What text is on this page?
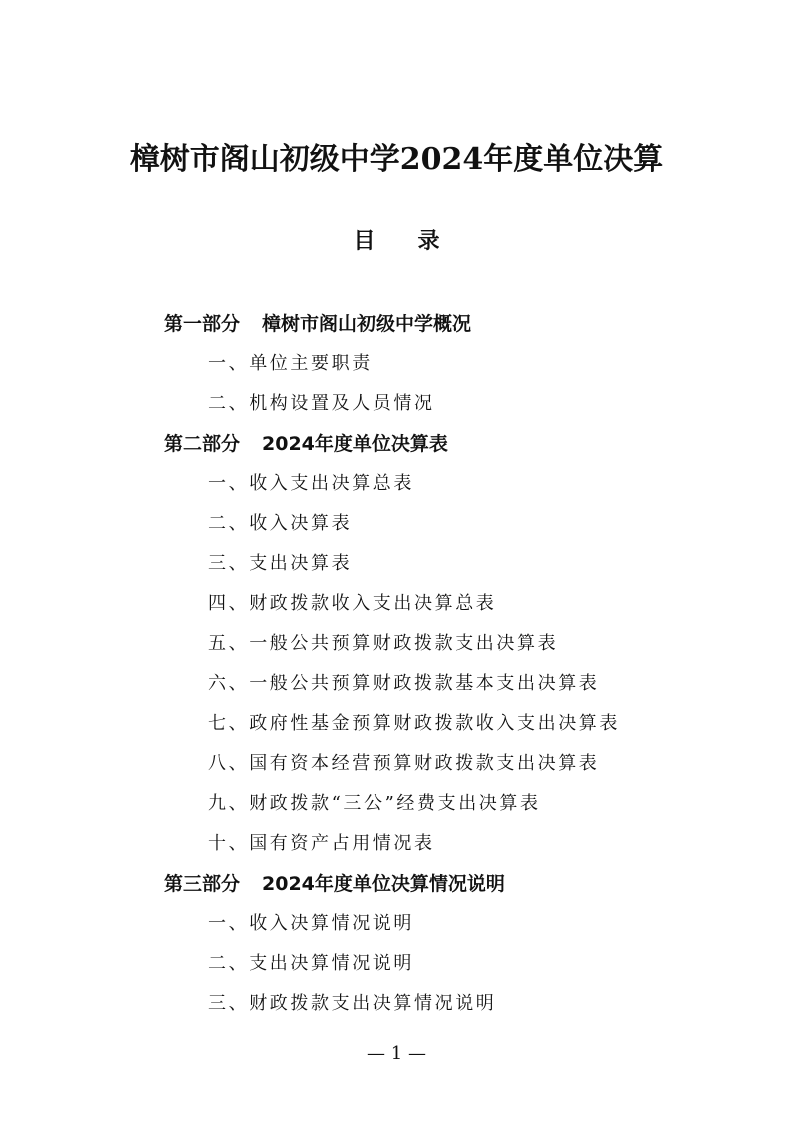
樟树市阁山初级中学2024年度单位决算
目录
第一部分 樟树市阁山初级中学概况
一、单位主要职责
二、机构设置及人员情况
第二部分 2024年度单位决算表
一、收入支出决算总表
二、收入决算表
三、支出决算表
四、财政拨款收入支出决算总表
五、一般公共预算财政拨款支出决算表
六、一般公共预算财政拨款基本支出决算表
七、政府性基金预算财政拨款收入支出决算表
八、国有资本经营预算财政拨款支出决算表
九、财政拨款“三公”经费支出决算表
十、国有资产占用情况表
第三部分 2024年度单位决算情况说明
一、收入决算情况说明
二、支出决算情况说明
三、财政拨款支出决算情况说明
— 1 —
